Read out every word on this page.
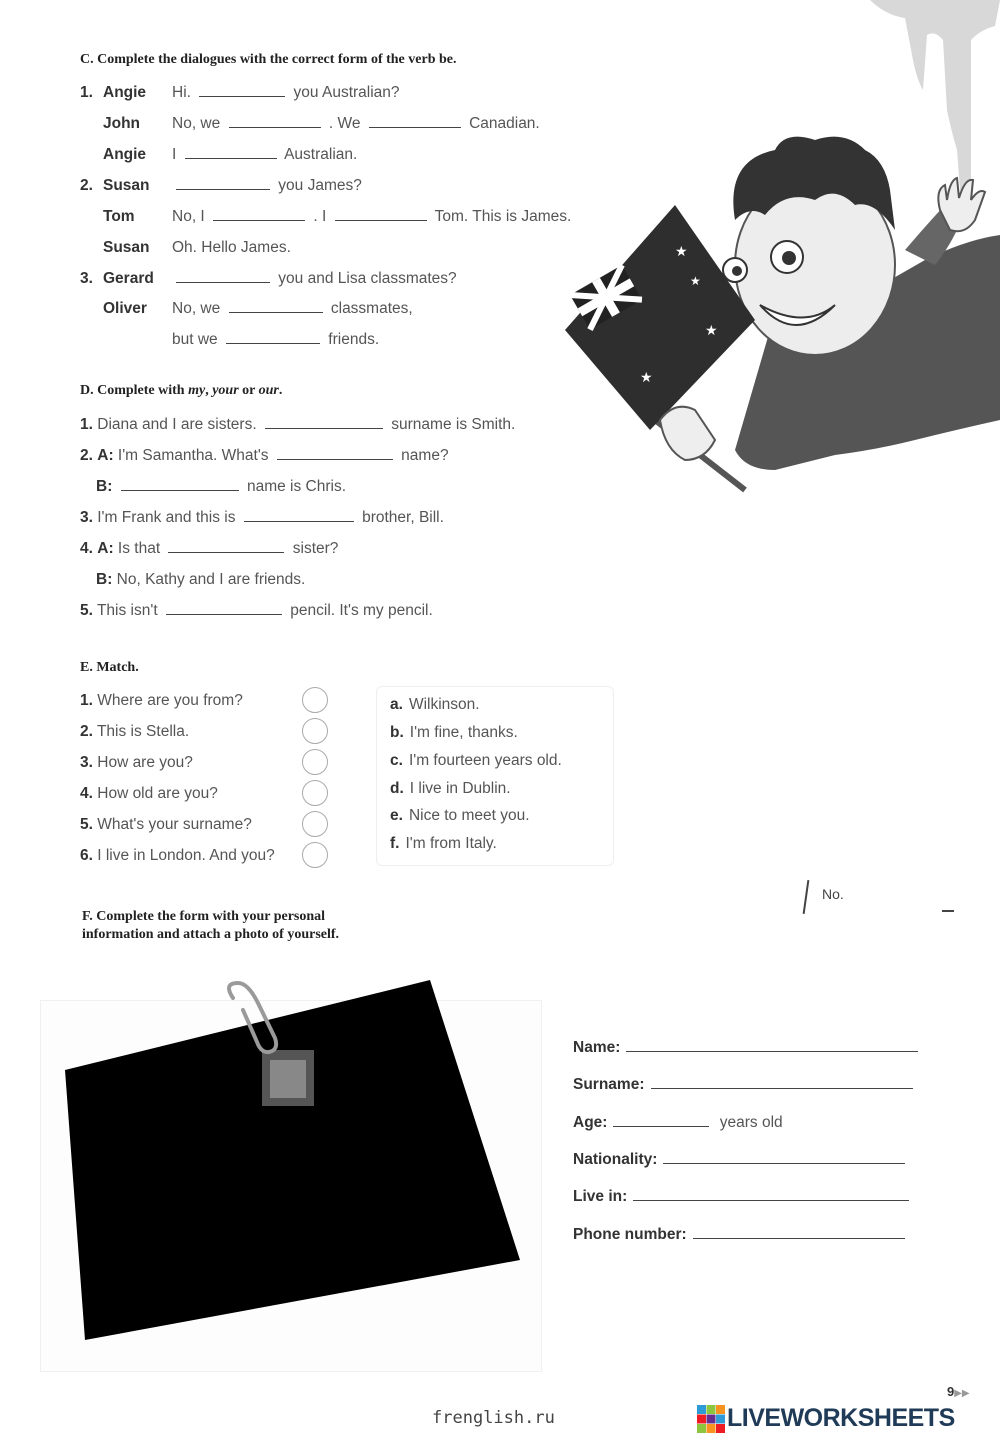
C. Complete the dialogues with the correct form of the verb be.
1. Angie Hi.	you Australian?
John No, we	. We	Canadian.
Angie I	Australian.
2. Susan	you James?
Tom No, I	. I	Tom. This is James.
Susan Oh. Hello James.
3. Gerard	you and Lisa classmates?
Oliver No, we	classmates,
but we	friends.
★
★
★
★
D. Complete with my, your or our.
1. Diana and I are sisters.	surname is Smith.
2. A: I'm Samantha. What's	name?
B:	name is Chris.
3. I'm Frank and this is	brother, Bill.
4. A: Is that	sister?
B: No, Kathy and I are friends.
5. This isn't	pencil. It's my pencil.
E. Match.
1. Where are you from?
2. This is Stella.
3. How are you?
4. How old are you?
5. What's your surname?
6. I live in London. And you?
a. Wilkinson.
b. I'm fine, thanks.
c. I'm fourteen years old.
d. I live in Dublin.
e. Nice to meet you.
f. I'm from Italy.
No.
F. Complete the form with your personal
information and attach a photo of yourself.
Name:
Surname:
Age:	years old
Nationality:
Live in:
Phone number:
9▶▶
frenglish.ru	LIVEWORKSHEETS
